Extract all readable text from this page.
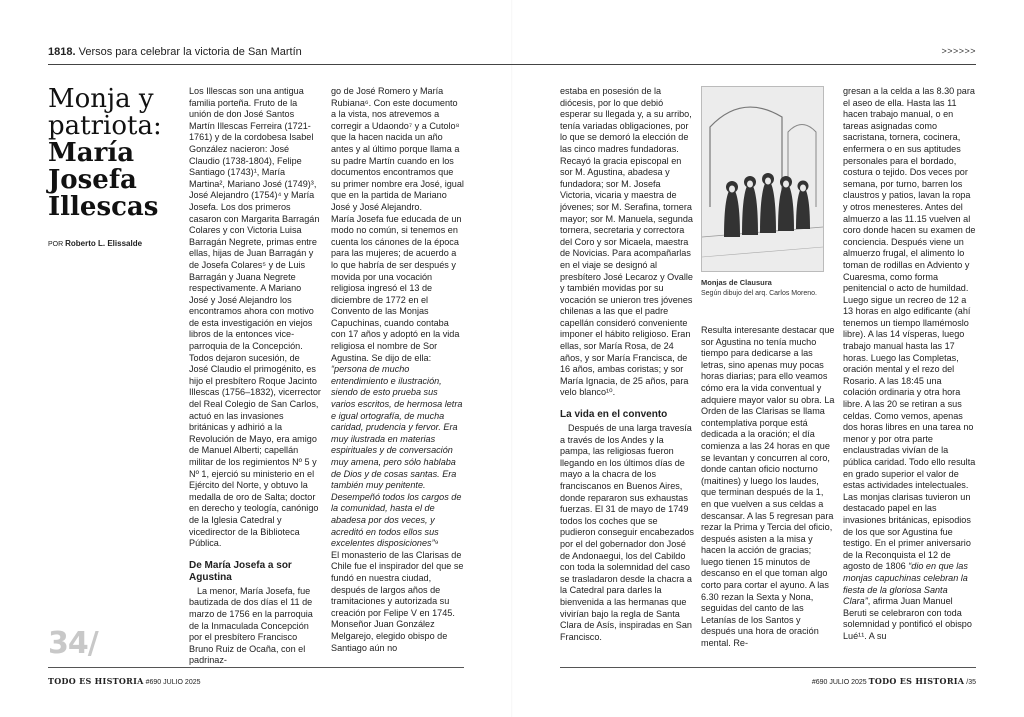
1818. Versos para celebrar la victoria de San Martín	>>>>>>
Monja y patriota:
María Josefa Illescas
POR Roberto L. Elissalde

Los Illescas son una antigua familia porteña. Fruto de la unión de don José Santos Martín Illescas Ferreira (1721-1761) y de la cordobesa Isabel González nacieron: José Claudio (1738-1804), Felipe Santiago (1743)¹, María Martina², Mariano José (1749)³, José Alejandro (1754)⁴ y María Josefa. Los dos primeros casaron con Margarita Barragán Colares y con Victoria Luisa Barragán Negrete, primas entre ellas, hijas de Juan Barragán y de Josefa Colares⁵ y de Luis Barragán y Juana Negrete respectivamente. A Mariano José y José Alejandro los encontramos ahora con motivo de esta investigación en viejos libros de la entonces vice-parroquia de la Concepción. Todos dejaron sucesión, de José Claudio el primogénito, es hijo el presbítero Roque Jacinto Illescas (1756–1832), vicerrector del Real Colegio de San Carlos, actuó en las invasiones británicas y adhirió a la Revolución de Mayo, era amigo de Manuel Alberti; capellán militar de los regimientos Nº 5 y Nº 1, ejerció su ministerio en el Ejército del Norte, y obtuvo la medalla de oro de Salta; doctor en derecho y teología, canónigo de la Iglesia Catedral y vicedirector de la Biblioteca Pública.

De María Josefa a sor Agustina

La menor, María Josefa, fue bautizada de dos días el 11 de marzo de 1756 en la parroquia de la Inmaculada Concepción por el presbítero Francisco Bruno Ruiz de Ocaña, con el padrinaz-

go de José Romero y María Rubiana⁶. Con este documento a la vista, nos atrevemos a corregir a Udaondo⁷ y a Cutolo⁸ que la hacen nacida un año antes y al último porque llama a su padre Martín cuando en los documentos encontramos que su primer nombre era José, igual que en la partida de Mariano José y José Alejandro.

María Josefa fue educada de un modo no común, si tenemos en cuenta los cánones de la época para las mujeres; de acuerdo a lo que habría de ser después y movida por una vocación religiosa ingresó el 13 de diciembre de 1772 en el Convento de las Monjas Capuchinas, cuando contaba con 17 años y adoptó en la vida religiosa el nombre de Sor Agustina. Se dijo de ella: “persona de mucho entendimiento e ilustración, siendo de esto prueba sus varios escritos, de hermosa letra e igual ortografía, de mucha caridad, prudencia y fervor. Era muy ilustrada en materias espirituales y de conversación muy amena, pero sólo hablaba de Dios y de cosas santas. Era también muy penitente. Desempeñó todos los cargos de la comunidad, hasta el de abadesa por dos veces, y acreditó en todos ellos sus excelentes disposiciones”⁹

El monasterio de las Clarisas de Chile fue el inspirador del que se fundó en nuestra ciudad, después de largos años de tramitaciones y autorizada su creación por Felipe V en 1745. Monseñor Juan González Melgarejo, elegido obispo de Santiago aún no

34/

estaba en posesión de la diócesis, por lo que debió esperar su llegada y, a su arribo, tenía variadas obligaciones, por lo que se demoró la elección de las cinco madres fundadoras. Recayó la gracia episcopal en sor M. Agustina, abadesa y fundadora; sor M. Josefa Victoria, vicaria y maestra de jóvenes; sor M. Serafina, tornera mayor; sor M. Manuela, segunda tornera, secretaria y correctora del Coro y sor Micaela, maestra de Novicias. Para acompañarlas en el viaje se designó al presbítero José Lecaroz y Ovalle y también movidas por su vocación se unieron tres jóvenes chilenas a las que el padre capellán consideró conveniente imponer el hábito religioso. Eran ellas, sor María Rosa, de 24 años, y sor María Francisca, de 16 años, ambas coristas; y sor María Ignacia, de 25 años, para velo blanco¹⁰.

La vida en el convento

Después de una larga travesía a través de los Andes y la pampa, las religiosas fueron llegando en los últimos días de mayo a la chacra de los franciscanos en Buenos Aires, donde repararon sus exhaustas fuerzas. El 31 de mayo de 1749 todos los coches que se pudieron conseguir encabezados por el del gobernador don José de Andonaegui, los del Cabildo con toda la solemnidad del caso se trasladaron desde la chacra a la Catedral para darles la bienvenida a las hermanas que vivirían bajo la regla de Santa Clara de Asís, inspiradas en San Francisco.

Monjas de Clausura
Según dibujo del arq. Carlos Moreno.

Resulta interesante destacar que sor Agustina no tenía mucho tiempo para dedicarse a las letras, sino apenas muy pocas horas diarias; para ello veamos cómo era la vida conventual y adquiere mayor valor su obra. La Orden de las Clarisas se llama contemplativa porque está dedicada a la oración; el día comienza a las 24 horas en que se levantan y concurren al coro, donde cantan oficio nocturno (maitines) y luego los laudes, que terminan después de la 1, en que vuelven a sus celdas a descansar. A las 5 regresan para rezar la Prima y Tercia del oficio, después asisten a la misa y hacen la acción de gracias; luego tienen 15 minutos de descanso en el que toman algo corto para cortar el ayuno. A las 6.30 rezan la Sexta y Nona, seguidas del canto de las Letanías de los Santos y después una hora de oración mental. Re-

gresan a la celda a las 8.30 para el aseo de ella. Hasta las 11 hacen trabajo manual, o en tareas asignadas como sacristana, tornera, cocinera, enfermera o en sus aptitudes personales para el bordado, costura o tejido. Dos veces por semana, por turno, barren los claustros y patios, lavan la ropa y otros menesteres. Antes del almuerzo a las 11.15 vuelven al coro donde hacen su examen de conciencia. Después viene un almuerzo frugal, el alimento lo toman de rodillas en Adviento y Cuaresma, como forma penitencial o acto de humildad. Luego sigue un recreo de 12 a 13 horas en algo edificante (ahí tenemos un tiempo llamémoslo libre). A las 14 vísperas, luego trabajo manual hasta las 17 horas. Luego las Completas, oración mental y el rezo del Rosario. A las 18:45 una colación ordinaria y otra hora libre. A las 20 se retiran a sus celdas. Como vemos, apenas dos horas libres en una tarea no menor y por otra parte enclaustradas vivían de la pública caridad. Todo ello resulta en grado superior el valor de estas actividades intelectuales.

Las monjas clarisas tuvieron un destacado papel en las invasiones británicas, episodios de los que sor Agustina fue testigo. En el primer aniversario de la Reconquista el 12 de agosto de 1806 “dio en que las monjas capuchinas celebran la fiesta de la gloriosa Santa Clara”, afirma Juan Manuel Beruti se celebraron con toda solemnidad y pontificó el obispo Lué¹¹. A su

TODO ES HISTORIA #690 JULIO 2025	#690 JULIO 2025 TODO ES HISTORIA /35
